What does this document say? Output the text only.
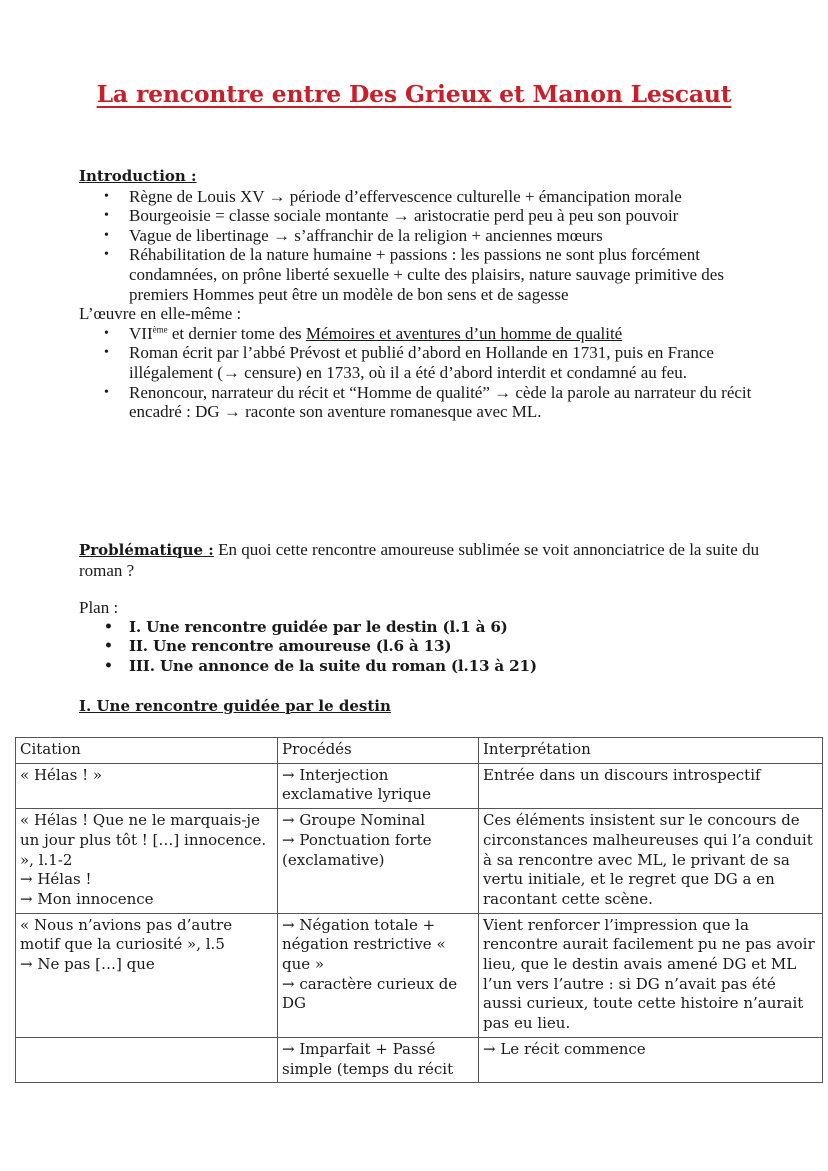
La rencontre entre Des Grieux et Manon Lescaut
Introduction :
• Règne de Louis XV → période d’effervescence culturelle + émancipation morale
• Bourgeoisie = classe sociale montante → aristocratie perd peu à peu son pouvoir
• Vague de libertinage → s’affranchir de la religion + anciennes mœurs
• Réhabilitation de la nature humaine + passions : les passions ne sont plus forcément condamnées, on prône liberté sexuelle + culte des plaisirs, nature sauvage primitive des premiers Hommes peut être un modèle de bon sens et de sagesse
L’œuvre en elle-même :
• VIIème et dernier tome des Mémoires et aventures d’un homme de qualité
• Roman écrit par l’abbé Prévost et publié d’abord en Hollande en 1731, puis en France illégalement (→ censure) en 1733, où il a été d’abord interdit et condamné au feu.
• Renoncour, narrateur du récit et “Homme de qualité” → cède la parole au narrateur du récit encadré : DG → raconte son aventure romanesque avec ML.
Problématique : En quoi cette rencontre amoureuse sublimée se voit annonciatrice de la suite du roman ?
Plan :
• I. Une rencontre guidée par le destin (l.1 à 6)
• II. Une rencontre amoureuse (l.6 à 13)
• III. Une annonce de la suite du roman (l.13 à 21)
I. Une rencontre guidée par le destin
Citation	Procédés	Interprétation

« Hélas ! »	→ Interjection exclamative lyrique	Entrée dans un discours introspectif

« Hélas ! Que ne le marquais-je un jour plus tôt ! […] innocence. », l.1-2
→ Hélas !
→ Mon innocence	→ Groupe Nominal
→ Ponctuation forte (exclamative)	Ces éléments insistent sur le concours de circonstances malheureuses qui l’a conduit à sa rencontre avec ML, le privant de sa vertu initiale, et le regret que DG a en racontant cette scène.

« Nous n’avions pas d’autre motif que la curiosité », l.5
→ Ne pas […] que	→ Négation totale + négation restrictive « que »
→ caractère curieux de DG	Vient renforcer l’impression que la rencontre aurait facilement pu ne pas avoir lieu, que le destin avais amené DG et ML l’un vers l’autre : si DG n’avait pas été aussi curieux, toute cette histoire n’aurait pas eu lieu.

	→ Imparfait + Passé simple (temps du récit	→ Le récit commence
